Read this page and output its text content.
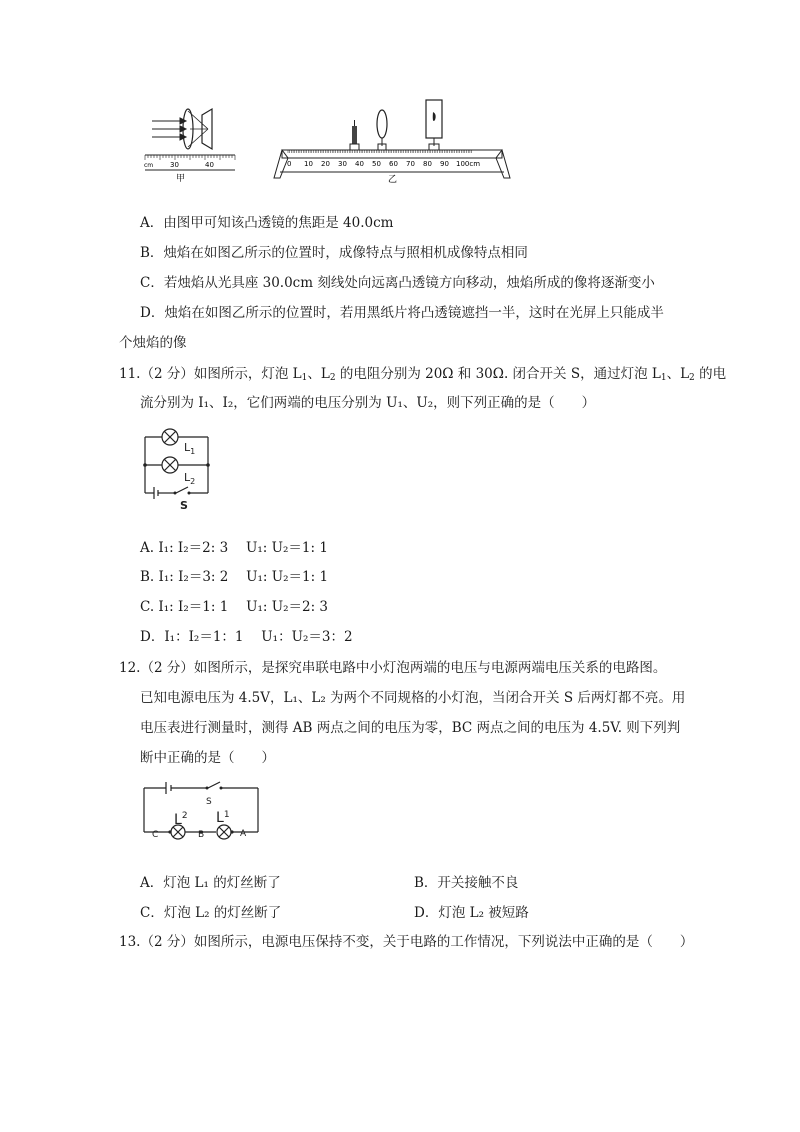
cm 30	40
甲
0 10 20 30 40 50 60 70 80 90 100cm
乙
A．由图甲可知该凸透镜的焦距是 40.0cm
B．烛焰在如图乙所示的位置时，成像特点与照相机成像特点相同
C．若烛焰从光具座 30.0cm 刻线处向远离凸透镜方向移动，烛焰所成的像将逐渐变小
D．烛焰在如图乙所示的位置时，若用黑纸片将凸透镜遮挡一半，这时在光屏上只能成半
个烛焰的像
11.（2 分）如图所示，灯泡 $L_1$、$L_2$ 的电阻分别为 20Ω 和 30Ω. 闭合开关 S，通过灯泡 $L_1$、$L_2$ 的电
流分别为 I₁、I₂，它们两端的电压分别为 U₁、U₂，则下列正确的是（　　）
$L_1$
$L_2$
S
A. I₁: I₂＝2: 3　 U₁: U₂＝1: 1
B. I₁: I₂＝3: 2　 U₁: U₂＝1: 1
C. I₁: I₂＝1: 1　 U₁: U₂＝2: 3
D．I₁：I₂＝1：1　 U₁：U₂＝3：2
12.（2 分）如图所示，是探究串联电路中小灯泡两端的电压与电源两端电压关系的电路图。
已知电源电压为 4.5V，L₁、L₂ 为两个不同规格的小灯泡，当闭合开关 S 后两灯都不亮。用
电压表进行测量时，测得 AB 两点之间的电压为零，BC 两点之间的电压为 4.5V. 则下列判
断中正确的是（　　）
S
C	B	A
$L^2$ $L^1$
A．灯泡 L₁ 的灯丝断了	B．开关接触不良
C．灯泡 L₂ 的灯丝断了	D．灯泡 L₂ 被短路
13.（2 分）如图所示，电源电压保持不变，关于电路的工作情况，下列说法中正确的是（　　）
